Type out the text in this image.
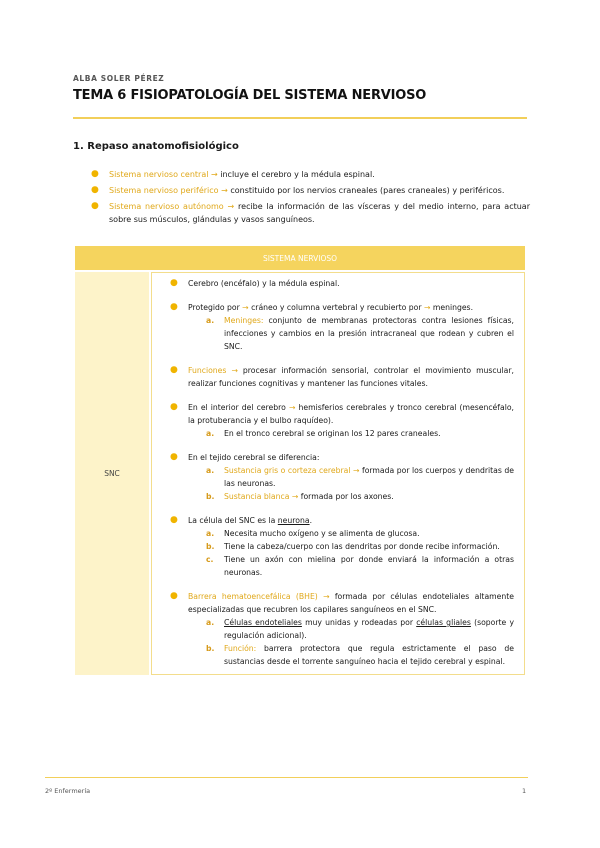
ALBA SOLER PÉREZ
TEMA 6 FISIOPATOLOGÍA DEL SISTEMA NERVIOSO
1. Repaso anatomofisiológico
● Sistema nervioso central → incluye el cerebro y la médula espinal.
● Sistema nervioso periférico → constituido por los nervios craneales (pares craneales) y periféricos.
● Sistema nervioso autónomo → recibe la información de las vísceras y del medio interno, para actuar sobre sus músculos, glándulas y vasos sanguíneos.
SISTEMA NERVIOSO
SNC	
● Cerebro (encéfalo) y la médula espinal.
● Protegido por → cráneo y columna vertebral y recubierto por → meninges.
a. Meninges: conjunto de membranas protectoras contra lesiones físicas, infecciones y cambios en la presión intracraneal que rodean y cubren el SNC.
● Funciones → procesar información sensorial, controlar el movimiento muscular, realizar funciones cognitivas y mantener las funciones vitales.
● En el interior del cerebro → hemisferios cerebrales y tronco cerebral (mesencéfalo, la protuberancia y el bulbo raquídeo).
a. En el tronco cerebral se originan los 12 pares craneales.
● En el tejido cerebral se diferencia:
a. Sustancia gris o corteza cerebral → formada por los cuerpos y dendritas de las neuronas.
b. Sustancia blanca → formada por los axones.
● La célula del SNC es la neurona.
a. Necesita mucho oxígeno y se alimenta de glucosa.
b. Tiene la cabeza/cuerpo con las dendritas por donde recibe información.
c. Tiene un axón con mielina por donde enviará la información a otras neuronas.
● Barrera hematoencefálica (BHE) → formada por células endoteliales altamente especializadas que recubren los capilares sanguíneos en el SNC.
a. Células endoteliales muy unidas y rodeadas por células gliales (soporte y regulación adicional).
b. Función: barrera protectora que regula estrictamente el paso de sustancias desde el torrente sanguíneo hacia el tejido cerebral y espinal.
2º Enfermería	1
